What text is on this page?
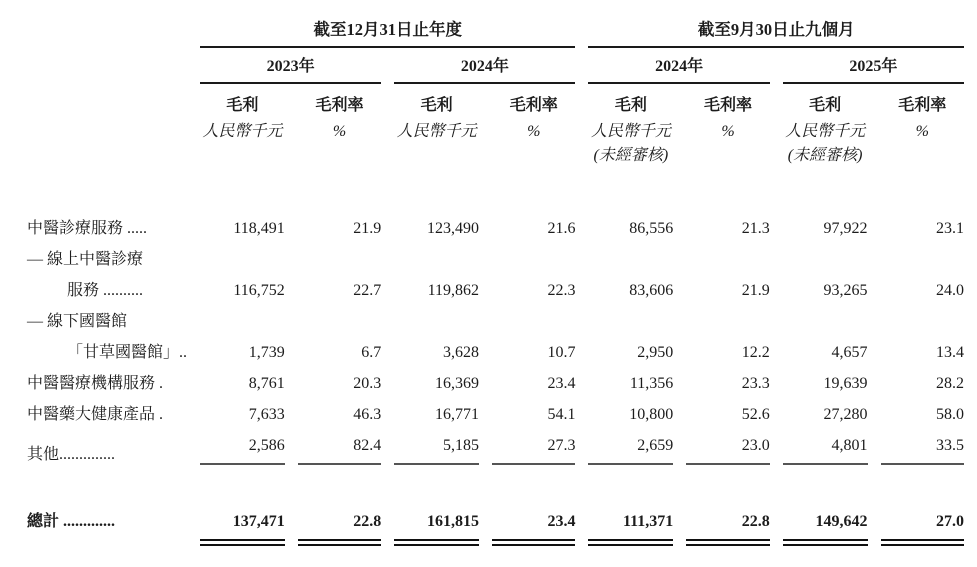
	截至12月31日止年度				截至9月30日止九個月			
	2023年		2024年		2024年		2025年	
	毛利	毛利率	毛利	毛利率	毛利	毛利率	毛利	毛利率
	人民幣千元	%	人民幣千元	%	人民幣千元	%	人民幣千元	%
					(未經審核)		(未經審核)	

中醫診療服務 .....	118,491	21.9	123,490	21.6	86,556	21.3	97,922	23.1

— 線上中醫診療
服務 ..........	116,752	22.7	119,862	22.3	83,606	21.9	93,265	24.0

— 線下國醫館
「甘草國醫館」..	1,739	6.7	3,628	10.7	2,950	12.2	4,657	13.4
中醫醫療機構服務 .	8,761	20.3	16,369	23.4	11,356	23.3	19,639	28.2
中醫藥大健康產品 .	7,633	46.3	16,771	54.1	10,800	52.6	27,280	58.0
其他..............	2,586	82.4	5,185	27.3	2,659	23.0	4,801	33.5

總計 .............	137,471	22.8	161,815	23.4	111,371	22.8	149,642	27.0
